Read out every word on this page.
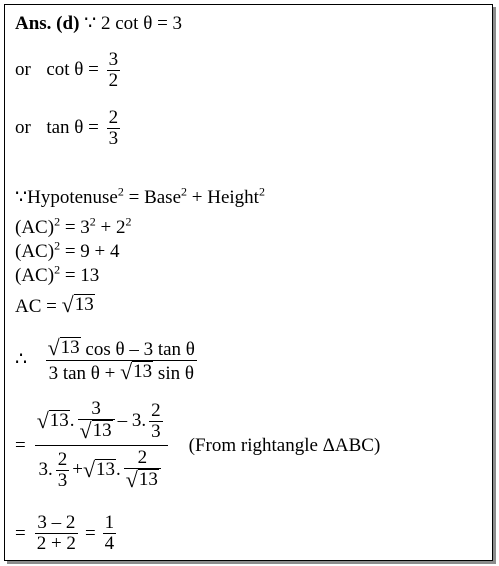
Ans. (d) ∵ 2 cot θ = 3
or $\cot \theta = \frac{3}{2}$
or $\tan \theta = \frac{2}{3}$
∵Hypotenuse$^2$ = Base$^2$ + Height$^2$
$(AC)^2 = 3^2 + 2^2$
(AC)$^2$ = 9 + 4
(AC)$^2$ = 13
AC = √ 13
∴ $\frac{\text{√ 13 cos θ – 3 tan θ}}{\text{3 tan θ + √ 13 sin θ}}$
=
√ 13 . $\frac{3}{√ 13} - 3$. $\frac{2}{3}$
3. $\frac{2}{3}$ + √ 13 . $\frac{2}{√ 13}$
(From rightangle ΔABC)
= $\frac{3 - 2}{2 + 2} = \frac{1}{4}$
